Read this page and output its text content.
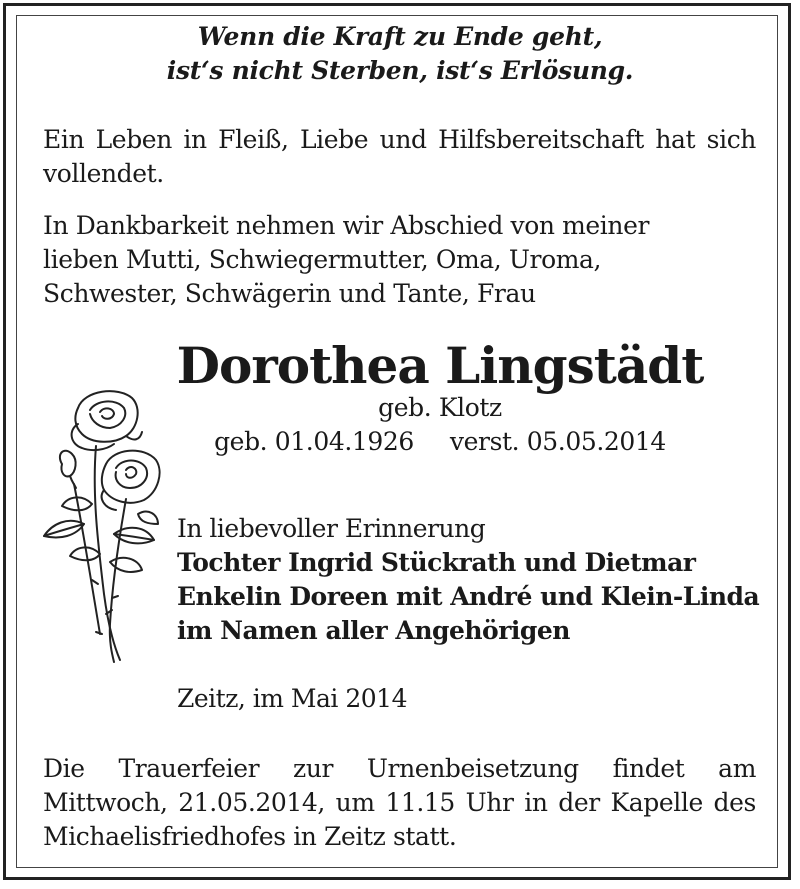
Wenn die Kraft zu Ende geht,
ist‘s nicht Sterben, ist‘s Erlösung.
Ein Leben in Fleiß, Liebe und Hilfsbereitschaft hat sich vollendet.
In Dankbarkeit nehmen wir Abschied von meiner
lieben Mutti, Schwiegermutter, Oma, Uroma,
Schwester, Schwägerin und Tante, Frau
Dorothea Lingstädt
geb. Klotz
geb. 01.04.1926 verst. 05.05.2014
In liebevoller Erinnerung
Tochter Ingrid Stückrath und Dietmar
Enkelin Doreen mit André und Klein-Linda
im Namen aller Angehörigen
Zeitz, im Mai 2014
Die Trauerfeier zur Urnenbeisetzung findet am Mittwoch, 21.05.2014, um 11.15 Uhr in der Kapelle des Michaelisfriedhofes in Zeitz statt.
